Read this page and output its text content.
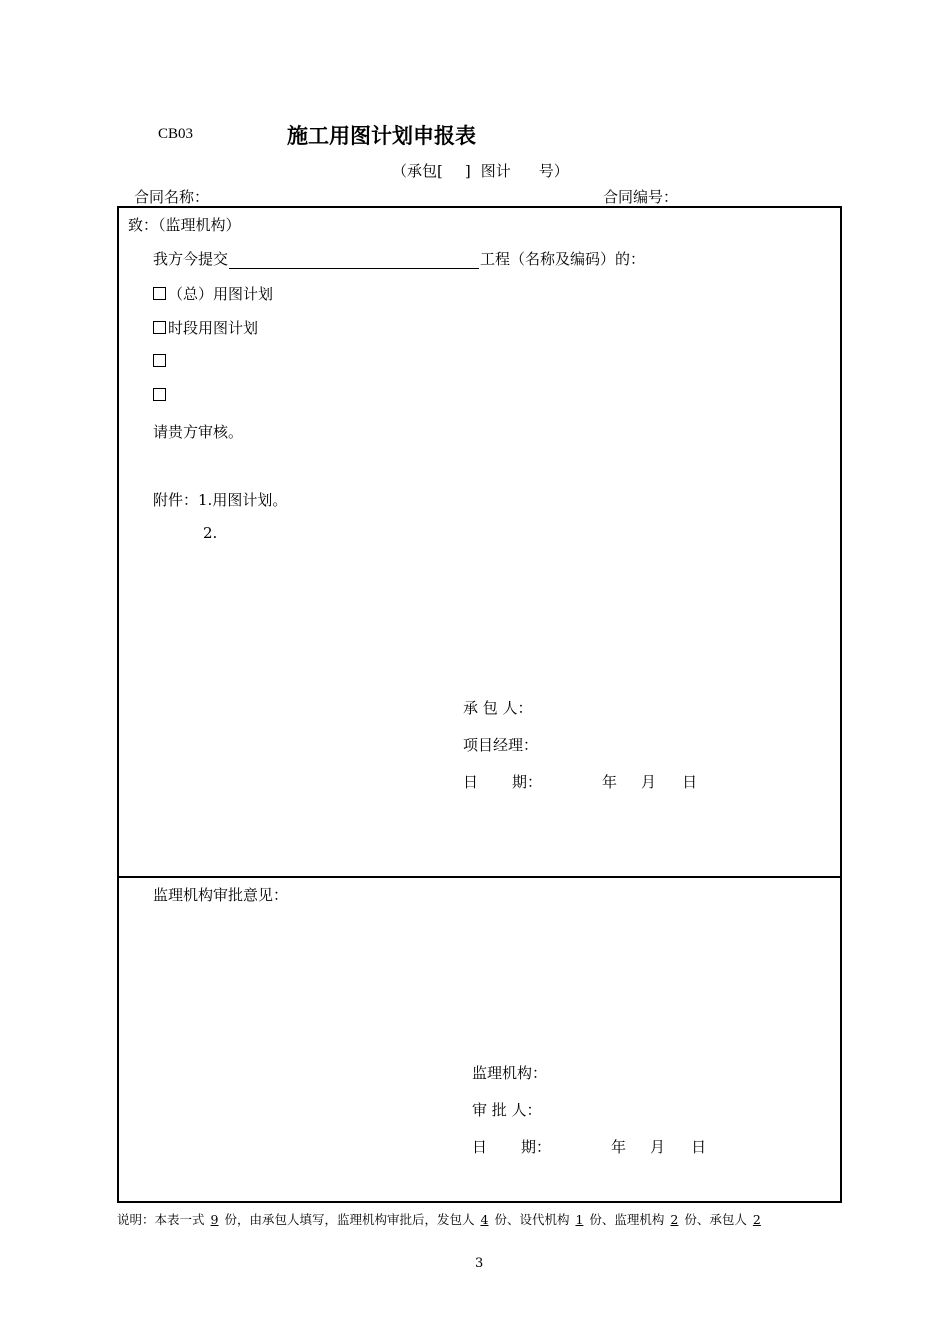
CB03	施工用图计划申报表
（承包[ ] 图计 号）
合同名称：	合同编号：
致：（监理机构）
我方今提交	工程（名称及编码）的：
（总）用图计划
时段用图计划
请贵方审核。
附件：1.用图计划。
2.
承 包 人：
项目经理：
日 期：	年 月 日
监理机构审批意见：
监理机构：
审 批 人：
日 期：	年 月 日
说明：本表一式 9 份，由承包人填写，监理机构审批后，发包人 4 份、设代机构 1 份、监理机构 2 份、承包人 2
3
